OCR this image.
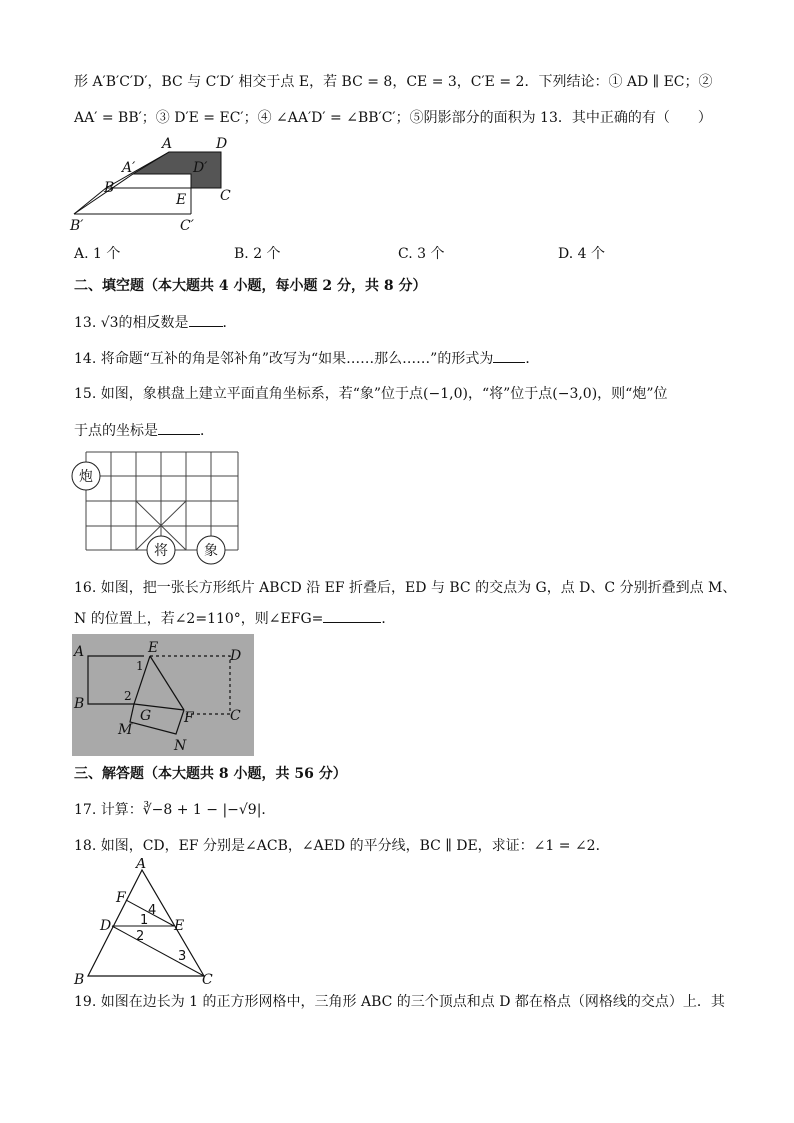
形 A′B′C′D′，BC 与 C′D′ 相交于点 E，若 BC = 8，CE = 3，C′E = 2．下列结论：① AD ∥ EC；②
AA′ = BB′；③ D′E = EC′；④ ∠AA′D′ = ∠BB′C′；⑤阴影部分的面积为 13．其中正确的有（　　）
A	D
A′	D′
B	C
E
B′	C′
A. 1 个	B. 2 个	C. 3 个	D. 4 个
二、填空题（本大题共 4 小题，每小题 2 分，共 8 分）
13. √3的相反数是 ．
14. 将命题“互补的角是邻补角”改写为“如果……那么……”的形式为 ．
15. 如图，象棋盘上建立平面直角坐标系，若“象”位于点(−1,0)，“将”位于点(−3,0)，则“炮”位
于点的坐标是	．
炮
将	象
16. 如图，把一张长方形纸片 ABCD 沿 EF 折叠后，ED 与 BC 的交点为 G，点 D、C 分别折叠到点 M、
N 的位置上，若∠2=110°，则∠EFG=	．
A	E	D
1
2
B
G F	C
M
N
三、解答题（本大题共 8 小题，共 56 分）
17. 计算：∛−8 + 1 − |−√9|．
18. 如图，CD，EF 分别是∠ACB，∠AED 的平分线，BC ∥ DE，求证：∠1 = ∠2．
A
F
D	E
B	C
1
2
3
4
19. 如图在边长为 1 的正方形网格中，三角形 ABC 的三个顶点和点 D 都在格点（网格线的交点）上．其
